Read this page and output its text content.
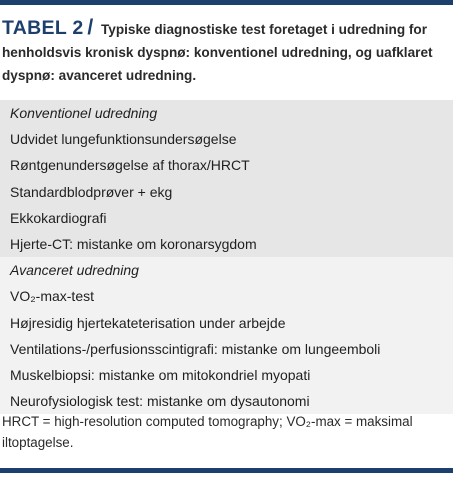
TABEL 2 / Typiske diagnostiske test foretaget i udredning for henholdsvis kronisk dyspnø: konventionel udredning, og uafklaret dyspnø: avanceret udredning.
Konventionel udredning
Udvidet lungefunktionsundersøgelse
Røntgenundersøgelse af thorax/HRCT
Standardblodprøver + ekg
Ekkokardiografi
Hjerte-CT: mistanke om koronarsygdom
Avanceret udredning
VO₂-max-test
Højresidig hjertekateterisation under arbejde
Ventilations-/perfusionsscintigrafi: mistanke om lungeemboli
Muskelbiopsi: mistanke om mitokondriel myopati
Neurofysiologisk test: mistanke om dysautonomi
HRCT = high-resolution computed tomography; VO₂-max = maksimal iltoptagelse.
